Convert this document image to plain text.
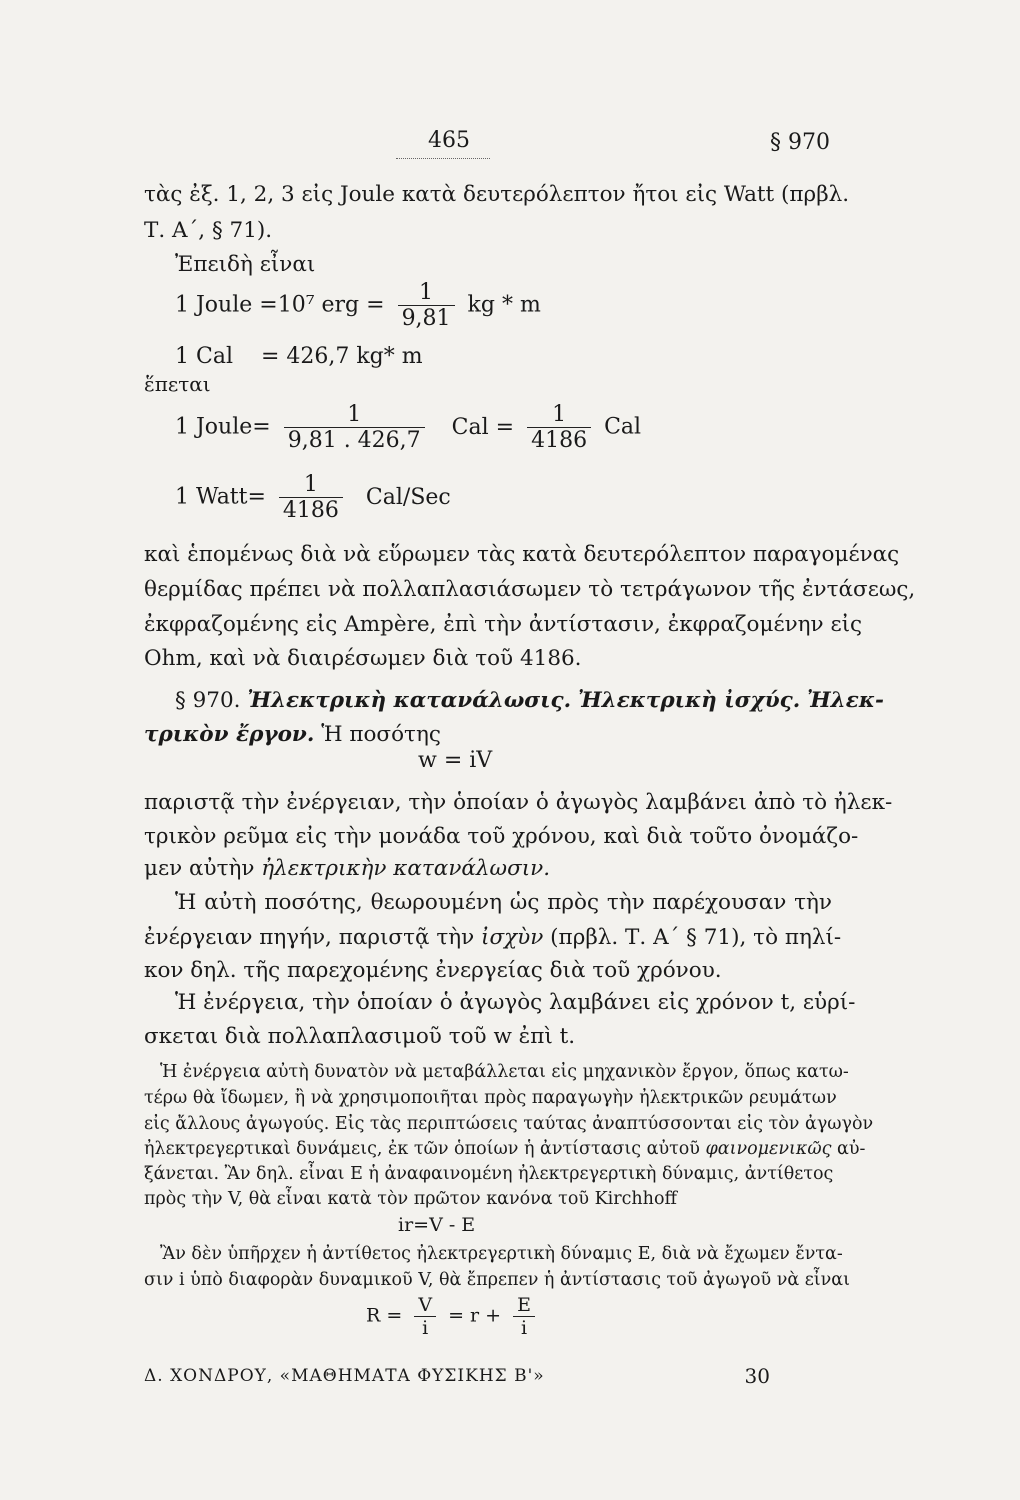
465	§ 970
τὰς ἐξ. 1, 2, 3 εἰς Joule κατὰ δευτερόλεπτον ἤτοι εἰς Watt (πρβλ.
Τ. Α΄, § 71).
Ἐπειδὴ εἶναι
1 Joule =10⁷ erg = $\frac{1}{9,81}$ kg * m
1 Cal    = 426,7 kg* m
ἕπεται
1 Joule= $\frac{1}{9,81 . 426,7}$ Cal = $\frac{1}{4186}$ Cal
1 Watt= $\frac{1}{4186} Cal/Sec$
καὶ ἑπομένως διὰ νὰ εὕρωμεν τὰς κατὰ δευτερόλεπτον παραγομένας
θερμίδας πρέπει νὰ πολλαπλασιάσωμεν τὸ τετράγωνον τῆς ἐντάσεως,
ἐκφραζομένης εἰς Ampère, ἐπὶ τὴν ἀντίστασιν, ἐκφραζομένην εἰς
Ohm, καὶ νὰ διαιρέσωμεν διὰ τοῦ 4186.
§ 970. Ἠλεκτρικὴ κατανάλωσις. Ἠλεκτρικὴ ἰσχύς. Ἠλεκ-
τρικὸν ἔργον. Ἡ ποσότης
w = iV
παριστᾷ τὴν ἐνέργειαν, τὴν ὁποίαν ὁ ἀγωγὸς λαμβάνει ἀπὸ τὸ ἠλεκ-
τρικὸν ρεῦμα εἰς τὴν μονάδα τοῦ χρόνου, καὶ διὰ τοῦτο ὀνομάζο-
μεν αὐτὴν ἠλεκτρικὴν κατανάλωσιν.
Ἡ αὐτὴ ποσότης, θεωρουμένη ὡς πρὸς τὴν παρέχουσαν τὴν
ἐνέργειαν πηγήν, παριστᾷ τὴν ἰσχὺν (πρβλ. Τ. Α΄ § 71), τὸ πηλί-
κον δηλ. τῆς παρεχομένης ἐνεργείας διὰ τοῦ χρόνου.
Ἡ ἐνέργεια, τὴν ὁποίαν ὁ ἀγωγὸς λαμβάνει εἰς χρόνον t, εὑρί-
σκεται διὰ πολλαπλασιμοῦ τοῦ w ἐπὶ t.
Ἡ ἐνέργεια αὐτὴ δυνατὸν νὰ μεταβάλλεται εἰς μηχανικὸν ἔργον, ὅπως κατω-
τέρω θὰ ἴδωμεν, ἢ νὰ χρησιμοποιῆται πρὸς παραγωγὴν ἠλεκτρικῶν ρευμάτων
εἰς ἄλλους ἀγωγούς. Εἰς τὰς περιπτώσεις ταύτας ἀναπτύσσονται εἰς τὸν ἀγωγὸν
ἠλεκτρεγερτικαὶ δυνάμεις, ἐκ τῶν ὁποίων ἡ ἀντίστασις αὐτοῦ φαινομενικῶς αὐ-
ξάνεται. Ἂν δηλ. εἶναι Ε ἡ ἀναφαινομένη ἠλεκτρεγερτικὴ δύναμις, ἀντίθετος
πρὸς τὴν V, θὰ εἶναι κατὰ τὸν πρῶτον κανόνα τοῦ Kirchhoff
ir=V - E
Ἂν δὲν ὑπῆρχεν ἡ ἀντίθετος ἠλεκτρεγερτικὴ δύναμις Ε, διὰ νὰ ἔχωμεν ἔντα-
σιν i ὑπὸ διαφορὰν δυναμικοῦ V, θὰ ἔπρεπεν ἡ ἀντίστασις τοῦ ἀγωγοῦ νὰ εἶναι
$R = \frac{V}{i} = r + \frac{E}{i}$
Δ. ΧΟΝΔΡΟΥ, «ΜΑΘΗΜΑΤΑ ΦΥΣΙΚΗΣ Β'»	30
